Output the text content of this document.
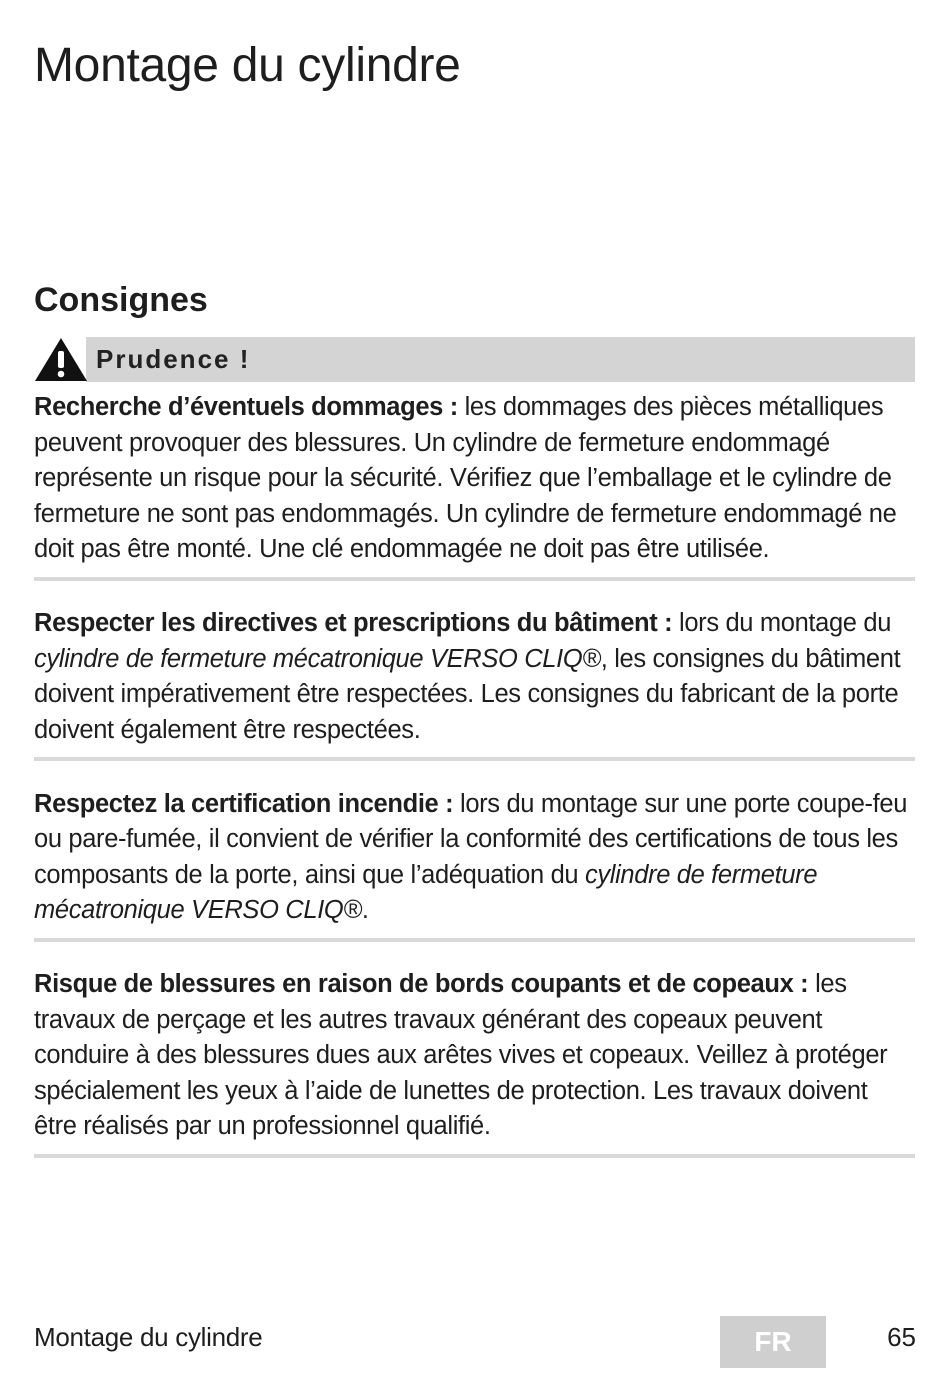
Montage du cylindre
Consignes
Prudence !

Recherche d’éventuels dommages : les dommages des pièces métalliques peuvent provoquer des blessures. Un cylindre de fermeture endommagé représente un risque pour la sécurité. Vérifiez que l’emballage et le cylindre de fermeture ne sont pas endommagés. Un cylindre de fermeture endommagé ne doit pas être monté. Une clé endommagée ne doit pas être utilisée.

Respecter les directives et prescriptions du bâtiment : lors du montage du cylindre de fermeture mécatronique VERSO CLIQ®, les consignes du bâtiment doivent impérativement être respectées. Les consignes du fabricant de la porte doivent également être respectées.

Respectez la certification incendie : lors du montage sur une porte coupe-feu ou pare-fumée, il convient de vérifier la conformité des certifications de tous les composants de la porte, ainsi que l’adéquation du cylindre de fermeture mécatronique VERSO CLIQ®.

Risque de blessures en raison de bords coupants et de copeaux : les travaux de perçage et les autres travaux générant des copeaux peuvent conduire à des blessures dues aux arêtes vives et copeaux. Veillez à protéger spécialement les yeux à l’aide de lunettes de protection. Les travaux doivent être réalisés par un professionnel qualifié.

Montage du cylindre	FR	65
